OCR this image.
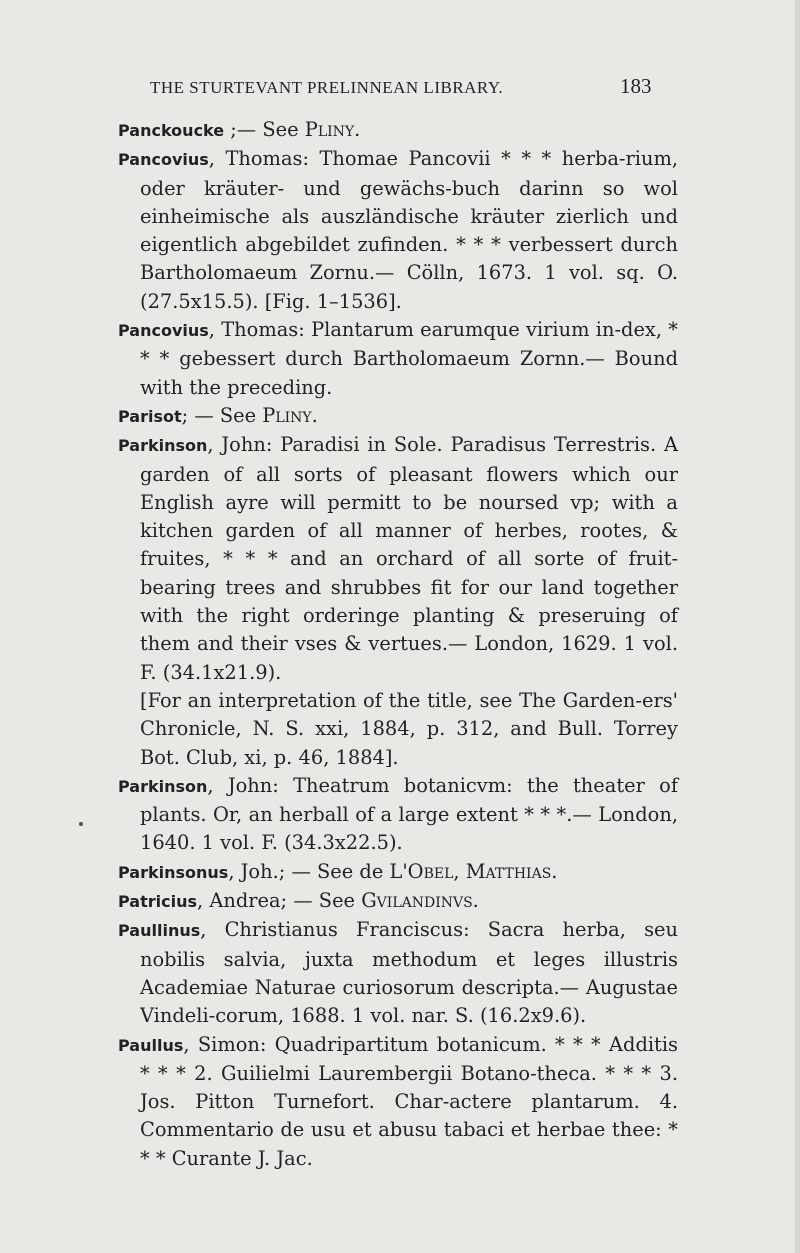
THE STURTEVANT PRELINNEAN LIBRARY.	183

Panckoucke ;— See Pliny.

Pancovius, Thomas: Thomae Pancovii * * * herba-rium, oder kräuter- und gewächs-buch darinn so wol einheimische als auszländische kräuter zierlich und eigentlich abgebildet zufinden. * * * verbessert durch Bartholomaeum Zornu.— Cölln, 1673. 1 vol. sq. O. (27.5x15.5). [Fig. 1–1536].

Pancovius, Thomas: Plantarum earumque virium in-dex, * * * gebessert durch Bartholomaeum Zornn.— Bound with the preceding.

Parisot; — See Pliny.

Parkinson, John: Paradisi in Sole. Paradisus Terrestris. A garden of all sorts of pleasant flowers which our English ayre will permitt to be noursed vp; with a kitchen garden of all manner of herbes, rootes, & fruites, * * * and an orchard of all sorte of fruit-bearing trees and shrubbes fit for our land together with the right orderinge planting & preseruing of them and their vses & vertues.— London, 1629. 1 vol. F. (34.1x21.9).

[For an interpretation of the title, see The Garden-ers' Chronicle, N. S. xxi, 1884, p. 312, and Bull. Torrey Bot. Club, xi, p. 46, 1884].

Parkinson, John: Theatrum botanicvm: the theater of plants. Or, an herball of a large extent * * *.— London, 1640. 1 vol. F. (34.3x22.5).

Parkinsonus, Joh.; — See de L'Obel, Matthias.

Patricius, Andrea; — See Gvilandinvs.

Paullinus, Christianus Franciscus: Sacra herba, seu nobilis salvia, juxta methodum et leges illustris Academiae Naturae curiosorum descripta.— Augustae Vindeli-corum, 1688. 1 vol. nar. S. (16.2x9.6).

Paullus, Simon: Quadripartitum botanicum. * * * Additis * * * 2. Guilielmi Laurembergii Botano-theca. * * * 3. Jos. Pitton Turnefort. Char-actere plantarum. 4. Commentario de usu et abusu tabaci et herbae thee: * * * Curante J. Jac.
